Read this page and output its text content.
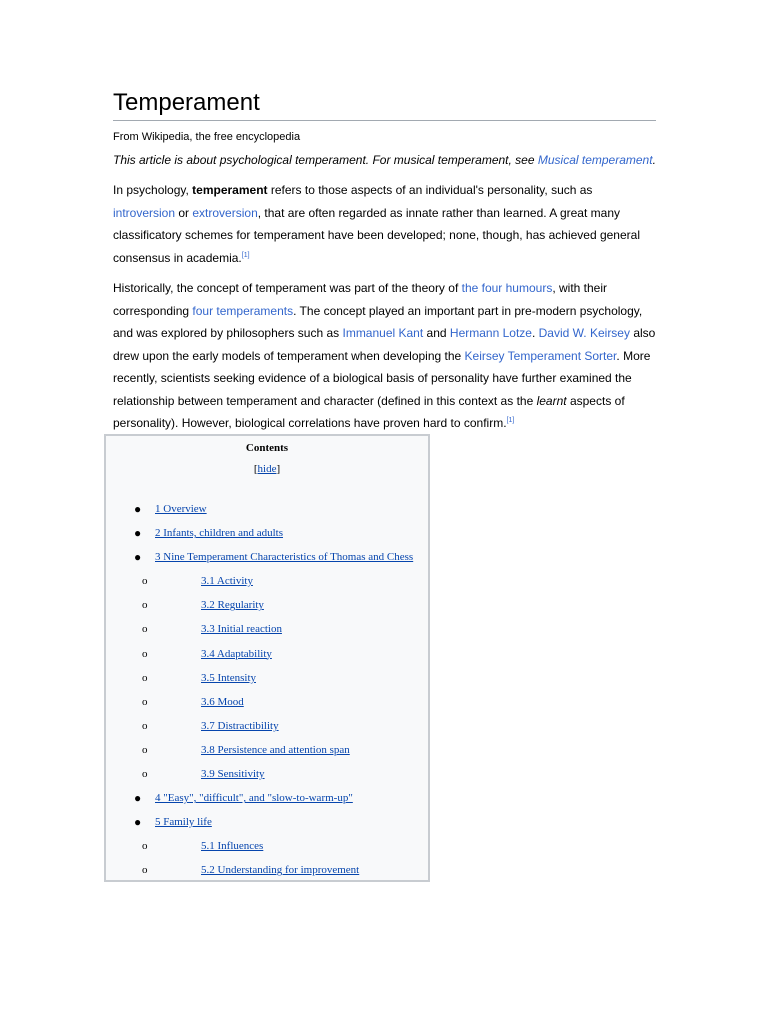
Temperament
From Wikipedia, the free encyclopedia
This article is about psychological temperament. For musical temperament, see Musical temperament.

In psychology, temperament refers to those aspects of an individual's personality, such as introversion or extroversion, that are often regarded as innate rather than learned. A great many classificatory schemes for temperament have been developed; none, though, has achieved general consensus in academia.[1]

Historically, the concept of temperament was part of the theory of the four humours, with their corresponding four temperaments. The concept played an important part in pre-modern psychology, and was explored by philosophers such as Immanuel Kant and Hermann Lotze. David W. Keirsey also drew upon the early models of temperament when developing the Keirsey Temperament Sorter. More recently, scientists seeking evidence of a biological basis of personality have further examined the relationship between temperament and character (defined in this context as the learnt aspects of personality). However, biological correlations have proven hard to confirm.[1]

Contents
[hide]
● 1 Overview
● 2 Infants, children and adults
● 3 Nine Temperament Characteristics of Thomas and Chess
o	3.1 Activity
o	3.2 Regularity
o	3.3 Initial reaction
o	3.4 Adaptability
o	3.5 Intensity
o	3.6 Mood
o	3.7 Distractibility
o	3.8 Persistence and attention span
o	3.9 Sensitivity
● 4 "Easy", "difficult", and "slow-to-warm-up"
● 5 Family life
o	5.1 Influences
o	5.2 Understanding for improvement
